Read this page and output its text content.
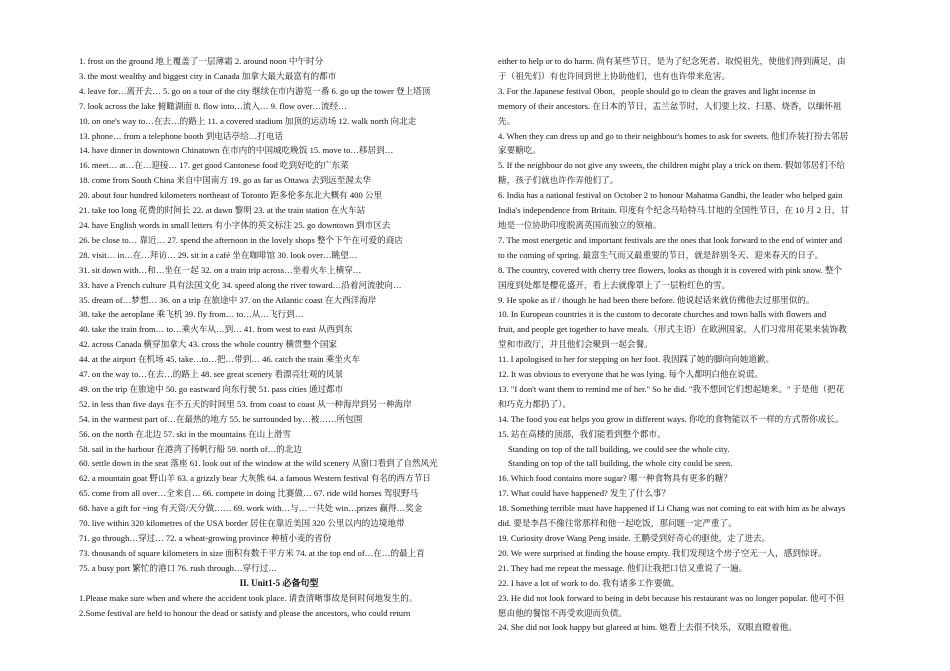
1. frost on the ground 地上覆盖了一层薄霜 2. around noon 中午时分
3. the most wealthy and biggest city in Canada 加拿大最大最富有的都市
4. leave for…离开去… 5. go on a tour of the city 继续在市内游览一番 6. go up the tower 登上塔顶
7. look across the lake 俯瞰湖面 8. flow into…流入… 9. flow over…流经…
10. on one's way to…在去…的路上 11. a covered stadium 加顶的运动场 12. walk north 向北走
13. phone… from a telephone booth 到电话亭给…打电话
14. have dinner in downtown Chinatown 在市内的中国城吃晚饭 15. move to…移居到…
16. meet… at…在…迎接… 17. get good Cantonese food 吃到好吃的广东菜
18. come from South China 来自中国南方 19. go as far as Ottawa 去到远至渥太华
20. about four hundred kilometers northeast of Toronto 距多伦多东北大概有 400 公里
21. take too long 花费的时间长 22. at dawn 黎明 23. at the train station 在火车站
24. have English words in small letters 有小字体的英文标注 25. go downtown 到市区去
26. be close to… 靠近… 27. spend the afternoon in the lovely shops 整个下午在可爱的商店
28. visit… in…在…拜访… 29. sit in a café 坐在咖啡馆 30. look over…眺望…
31. sit down with…和…坐在一起 32. on a train trip across…坐着火车上横穿…
33. have a French culture 具有法国文化 34. speed along the river toward…沿着河流驶向…
35. dream of…梦想… 36. on a trip 在旅途中 37. on the Atlantic coast 在大西洋海岸
38. take the aeroplane 乘飞机 39. fly from… to…从…飞行到…
40. take the train from… to…乘火车从…到… 41. from west to east 从西到东
42. across Canada 横穿加拿大 43. cross the whole country 横贯整个国家
44. at the airport 在机场 45. take…to…把…带到… 46. catch the train 乘坐火车
47. on the way to…在去…的路上 48. see great scenery 看漂亮壮观的风景
49. on the trip 在旅途中 50. go eastward 向东行驶 51. pass cities 通过都市
52. in less than five days 在不五天的时间里 53. from coast to coast 从一种海岸到另一种海岸
54. in the warmest part of…在最热的地方 55. be surrounded by…被……所包围
56. on the north 在北边 57. ski in the mountains 在山上滑雪
58. sail in the harbour 在港湾了扬帆行船 59. north of…的北边
60. settle down in the seat 落座 61. look out of the window at the wild scenery 从窗口看到了自然风光
62. a mountain goat 野山羊 63. a grizzly bear 大灰熊 64. a famous Western festival 有名的西方节日
65. come from all over…全来自… 66. compete in doing 比赛做… 67. ride wild horses 驾驭野马
68. have a gift for ~ing 有天资/天分做…… 69. work with…与…一共处 win…prizes 赢得…奖金
70. live within 320 kilometres of the USA border 居住在靠近美国 320 公里以内的边境地带
71. go through…穿过… 72. a wheat-growing province 种植小麦的省份
73. thousands of square kilometers in size 面积有数千平方米 74. at the top end of…在…的最上首
75. a busy port 繁忙的港口 76. rush through…穿行过…
II. Unit1-5 必备句型
1.Please make sure when and where the accident took place. 请查清晰事故是何时何地发生的。
2.Some festival are held to honour the dead or satisfy and please the ancestors, who could return
either to help or to do harm. 尚有某些节日，是为了纪念死者、取悦祖先，使他们得到满足，由
于（祖先们）有也许回到世上协助他们，也有也许带来危害。
3. For the Japanese festival Obon，people should go to clean the graves and light incense in
memory of their ancestors. 在日本的节日，盂兰盆节时，人们要上坟、扫墓、烧香，以缅怀祖
先。
4. When they can dress up and go to their neighbour's homes to ask for sweets. 他们乔装打扮去邻居
家要糖吃。
5. If the neighbour do not give any sweets, the children might play a trick on them. 假如邻居们不给
糖，孩子们就也许作弄他们了。
6. India has a national festival on October 2 to honour Mahatma Gandhi, the leader who helped gain
India's independence from Britain. 印度有个纪念马哈特马.甘地的全国性节日，在 10 月 2 日，甘
地是一位协助印度脱离英国而独立的领袖。
7. The most energetic and important festivals are the ones that look forward to the end of winter and
to the coming of spring. 最富生气而又最重要的节日，就是辞别冬天、迎来春天的日子。
8. The country, covered with cherry tree flowers, looks as though it is covered with pink snow. 整个
国度到处都是樱花盛开，看上去就像罩上了一层粉红色的雪。
9. He spoke as if / though he had been there before. 他说起话来就仿佛他去过那里似的。
10. In European countries it is the custom to decorate churches and town halls with flowers and
fruit, and people get together to have meals.（形式主语）在欧洲国家，人们习常用花果来装饰教
堂和市政厅，并且他们会聚到一起会餐。
11. I apologised to her for stepping on her foot. 我因踩了她的脚向向她道歉。
12. It was obvious to everyone that he was lying. 每个人都明白他在说谎。
13. "I don't want them to remind me of her." So he did. "我不想回它们想起她来。" 于是他（把花
和巧克力都扔了）。
14. The food you eat helps you grow in different ways. 你吃的食物能以不一样的方式帮你成长。
15. 站在高楼的顶部，我们能看到整个都市。
Standing on top of the tall building, we could see the whole city.
Standing on top of the tall building, the whole city could be seen.
16. Which food contains more sugar? 哪一种食物具有更多的糖？
17. What could have happened? 发生了什么事？
18. Something terrible must have happened if Li Chang was not coming to eat with him as he always
did. 要是李昌不像往常那样和他一起吃饭，那问题一定严重了。
19. Curiosity drove Wang Peng inside. 王鹏受到好奇心的驱使，走了进去。
20. We were surprised at finding the house empty. 我们发现这个房子空无一人，感到惊讶。
21. They had me repeat the message. 他们让我把口信又重说了一遍。
22. I have a lot of work to do. 我有诸多工作要做。
23. He did not look forward to being in debt because his restaurant was no longer popular. 他可不但
愿由他的餐馆不再受欢迎而负债。
24. She did not look happy but glareed at him. 她看上去很不快乐，双眼直瞪着他。
